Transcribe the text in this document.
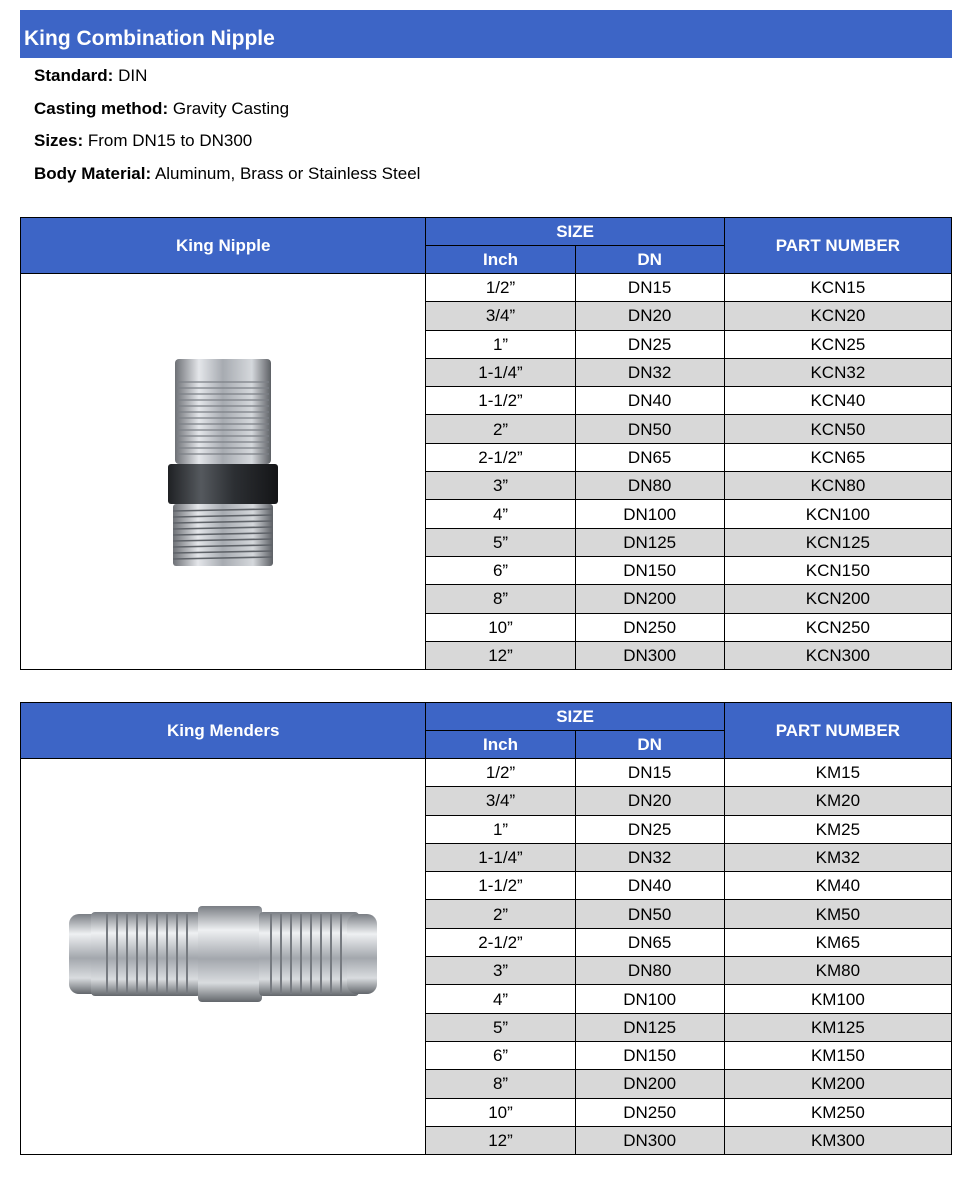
King Combination Nipple
Standard: DIN
Casting method: Gravity Casting
Sizes: From DN15 to DN300
Body Material: Aluminum, Brass or Stainless Steel
King Nipple	SIZE		PART NUMBER
	Inch	DN	
	1/2”	DN15	KCN15
	3/4”	DN20	KCN20
	1”	DN25	KCN25
	1-1/4”	DN32	KCN32
	1-1/2”	DN40	KCN40
	2”	DN50	KCN50
	2-1/2”	DN65	KCN65
	3”	DN80	KCN80
	4”	DN100	KCN100
	5”	DN125	KCN125
	6”	DN150	KCN150
	8”	DN200	KCN200
	10”	DN250	KCN250
	12”	DN300	KCN300
King Menders	SIZE		PART NUMBER
	Inch	DN	
	1/2”	DN15	KM15
	3/4”	DN20	KM20
	1”	DN25	KM25
	1-1/4”	DN32	KM32
	1-1/2”	DN40	KM40
	2”	DN50	KM50
	2-1/2”	DN65	KM65
	3”	DN80	KM80
	4”	DN100	KM100
	5”	DN125	KM125
	6”	DN150	KM150
	8”	DN200	KM200
	10”	DN250	KM250
	12”	DN300	KM300
